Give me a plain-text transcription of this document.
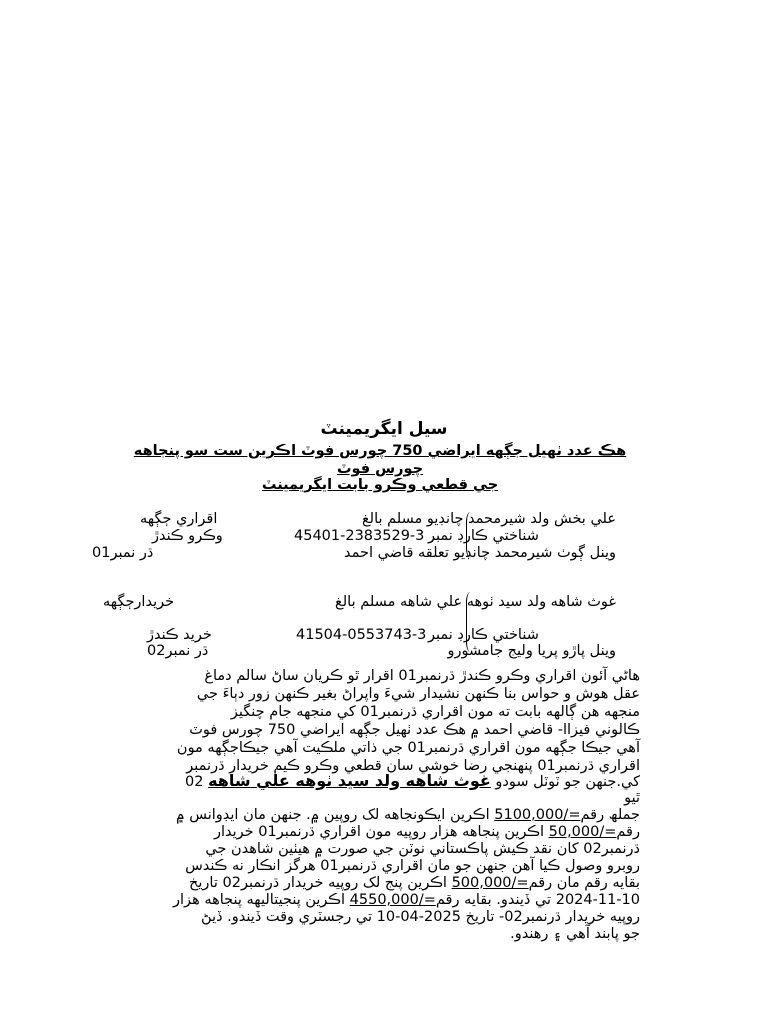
سيل ايگريمينٽ
هڪ عدد ٺهيل جڳهه ايراضي 750 چورس فوٽ اڪرين ست سو پنجاهه
چورس فوٽ
جي قطعي وڪرو بابت ايگريمينٽ
علي بخش ولد شيرمحمد چانڊيو مسلم بالغ
اقراري ڄڳهه
45401-2383529-3 شناختي ڪارڊ نمبر
وڪرو ڪندڙ
وينل ڳوٺ شيرمحمد چانڊيو تعلقه قاضي احمد
ڌر نمبر01
غوث شاهه ولد سيد ٺوهه علي شاهه مسلم بالغ
خريدارڄڳهه
41504-0553743-3 شناختي ڪارڊ نمبر
خريد ڪندڙ
وينل پاڙو پريا وليج جامشورو
ڌر نمبر02
هاڻي آئون اقراري وڪرو ڪندڙ ڌرنمبر01 اقرار ٿو ڪريان ساڻ سالم دماغ
عقل هوش و حواس بنا ڪنهن نشيدار شيءَ واپراڻ بغير ڪنهن زور دٻاءَ جي
منجهه هن ڳالهه بابت ته مون اقراري ڌرنمبر01 کي منجهه جام چنگيز
ڪالوني فيزاا- قاضي احمد ۾ هڪ عدد ٺهيل جڳهه ايراضي 750 چورس فوٽ
آهي جيڪا جڳهه مون اقراري ڌرنمبر01 جي ذاتي ملڪيت آهي جيڪاجڳهه مون
اقراري ڌرنمبر01 پنهنجي رضا خوشي سان قطعي وڪرو ڪيم خريدار ڌرنمبر
کي.جنهن جو ٽوٽل سودو غوث شاهه ولد سيد ٺوهه علي شاهه 02
ٿيو
جملھ رقم5100,000/= اڪرين ايڪونجاهه لک روپين ۾. جنهن مان ايڊوانس ۾
رقم50,000/= اڪرين پنجاهه هزار روپيه مون اقراري ڌرنمبر01 خريدار
ڌرنمبر02 کان نقد ڪيش پاڪستاني نوٽن جي صورت ۾ هيٺين شاهدن جي
روبرو وصول ڪيا آهن جنهن جو مان اقراري ڌرنمبر01 هرگز انڪار نه ڪندس
بقايه رقم مان رقم500,000/= اڪرين پنج لک روپيه خريدار ڌرنمبر02 تاريخ
2024-11-10 تي ڏيندو. بقايه رقم4550,000/= اڪرين پنجيتاليهه پنجاهه هزار
روپيه خريدار ڌرنمبر02- تاريخ 2025-04-10 تي رجسٽري وقت ڏيندو. ڏيڻ
جو پابند آهي ۽ رهندو.
